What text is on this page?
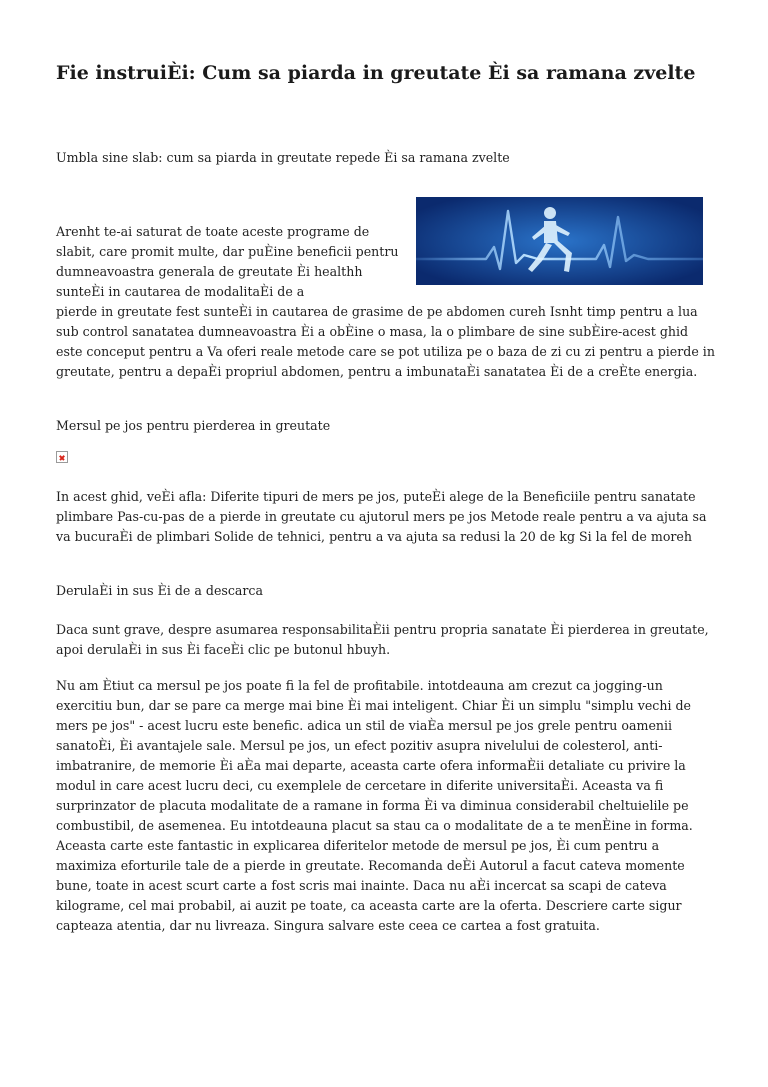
Fie instruiÈi: Cum sa piarda in greutate Èi sa ramana zvelte

Umbla sine slab: cum sa piarda in greutate repede Èi sa ramana zvelte

Arenht te-ai saturat de toate aceste programe de slabit, care promit multe, dar puÈine beneficii pentru dumneavoastra generala de greutate Èi healthh sunteÈi in cautarea de modalitaÈi de a

pierde in greutate fest sunteÈi in cautarea de grasime de pe abdomen cureh Isnht timp pentru a lua sub control sanatatea dumneavoastra Èi a obÈine o masa, la o plimbare de sine subÈire-acest ghid este conceput pentru a Va oferi reale metode care se pot utiliza pe o baza de zi cu zi pentru a pierde in greutate, pentru a depaÈi propriul abdomen, pentru a imbunataÈi sanatatea Èi de a creÈte energia.

Mersul pe jos pentru pierderea in greutate

In acest ghid, veÈi afla: Diferite tipuri de mers pe jos, puteÈi alege de la Beneficiile pentru sanatate plimbare Pas-cu-pas de a pierde in greutate cu ajutorul mers pe jos Metode reale pentru a va ajuta sa va bucuraÈi de plimbari Solide de tehnici, pentru a va ajuta sa redusi la 20 de kg Si la fel de moreh

DerulaÈi in sus Èi de a descarca

Daca sunt grave, despre asumarea responsabilitaÈii pentru propria sanatate Èi pierderea in greutate, apoi derulaÈi in sus Èi faceÈi clic pe butonul hbuyh.

Nu am Ètiut ca mersul pe jos poate fi la fel de profitabile. intotdeauna am crezut ca jogging-un exercitiu bun, dar se pare ca merge mai bine Èi mai inteligent. Chiar Èi un simplu "simplu vechi de mers pe jos" - acest lucru este benefic. adica un stil de viaÈa mersul pe jos grele pentru oamenii sanatoÈi, Èi avantajele sale. Mersul pe jos, un efect pozitiv asupra nivelului de colesterol, anti-imbatranire, de memorie Èi aÈa mai departe, aceasta carte ofera informaÈii detaliate cu privire la modul in care acest lucru deci, cu exemplele de cercetare in diferite universitaÈi. Aceasta va fi surprinzator de placuta modalitate de a ramane in forma Èi va diminua considerabil cheltuielile pe combustibil, de asemenea. Eu intotdeauna placut sa stau ca o modalitate de a te menÈine in forma. Aceasta carte este fantastic in explicarea diferitelor metode de mersul pe jos, Èi cum pentru a maximiza eforturile tale de a pierde in greutate. Recomanda deÈi Autorul a facut cateva momente bune, toate in acest scurt carte a fost scris mai inainte. Daca nu aÈi incercat sa scapi de cateva kilograme, cel mai probabil, ai auzit pe toate, ca aceasta carte are la oferta. Descriere carte sigur capteaza atentia, dar nu livreaza. Singura salvare este ceea ce cartea a fost gratuita.
